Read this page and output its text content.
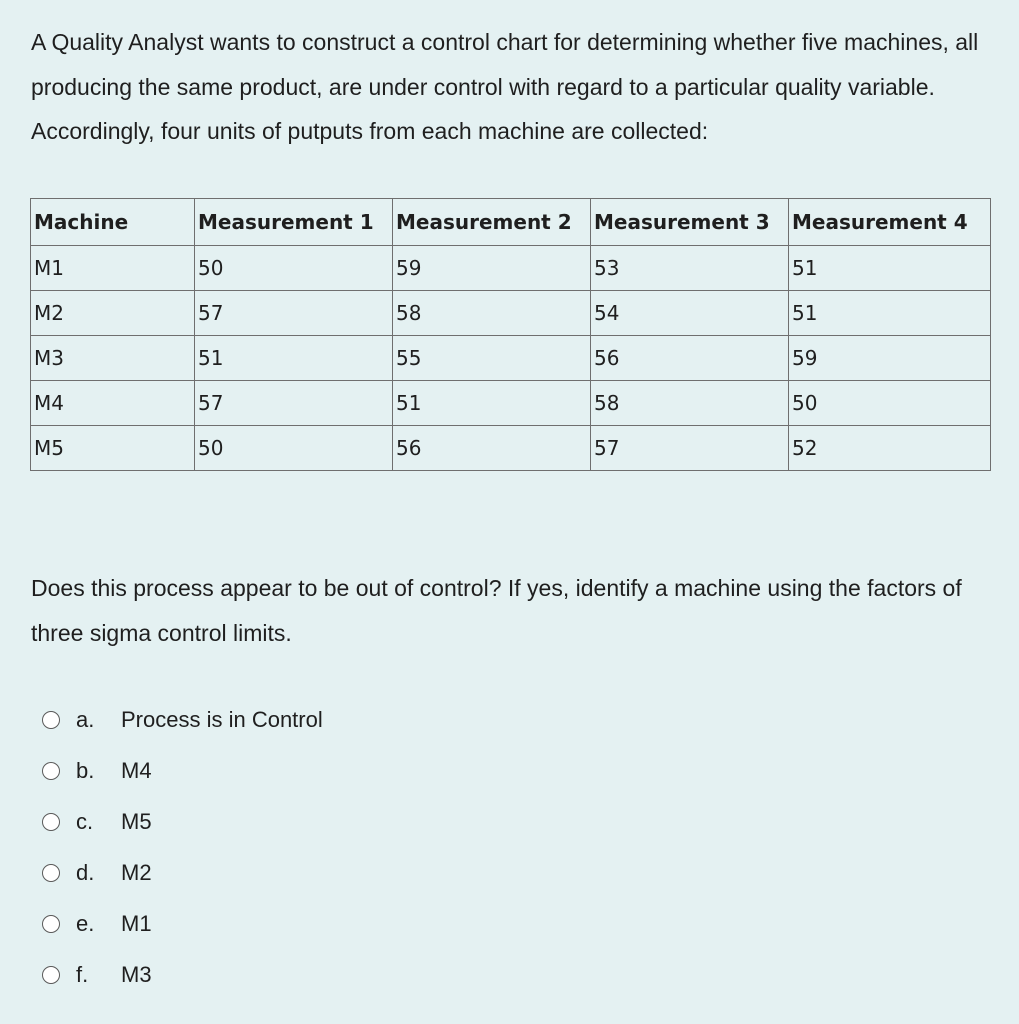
A Quality Analyst wants to construct a control chart for determining whether five machines, all producing the same product, are under control with regard to a particular quality variable. Accordingly, four units of putputs from each machine are collected:
Machine	Measurement 1	Measurement 2	Measurement 3	Measurement 4
M1	50	59	53	51
M2	57	58	54	51
M3	51	55	56	59
M4	57	51	58	50
M5	50	56	57	52
Does this process appear to be out of control? If yes, identify a machine using the factors of three sigma control limits.
a.	Process is in Control
b.	M4
c.	M5
d.	M2
e.	M1
f.	M3
